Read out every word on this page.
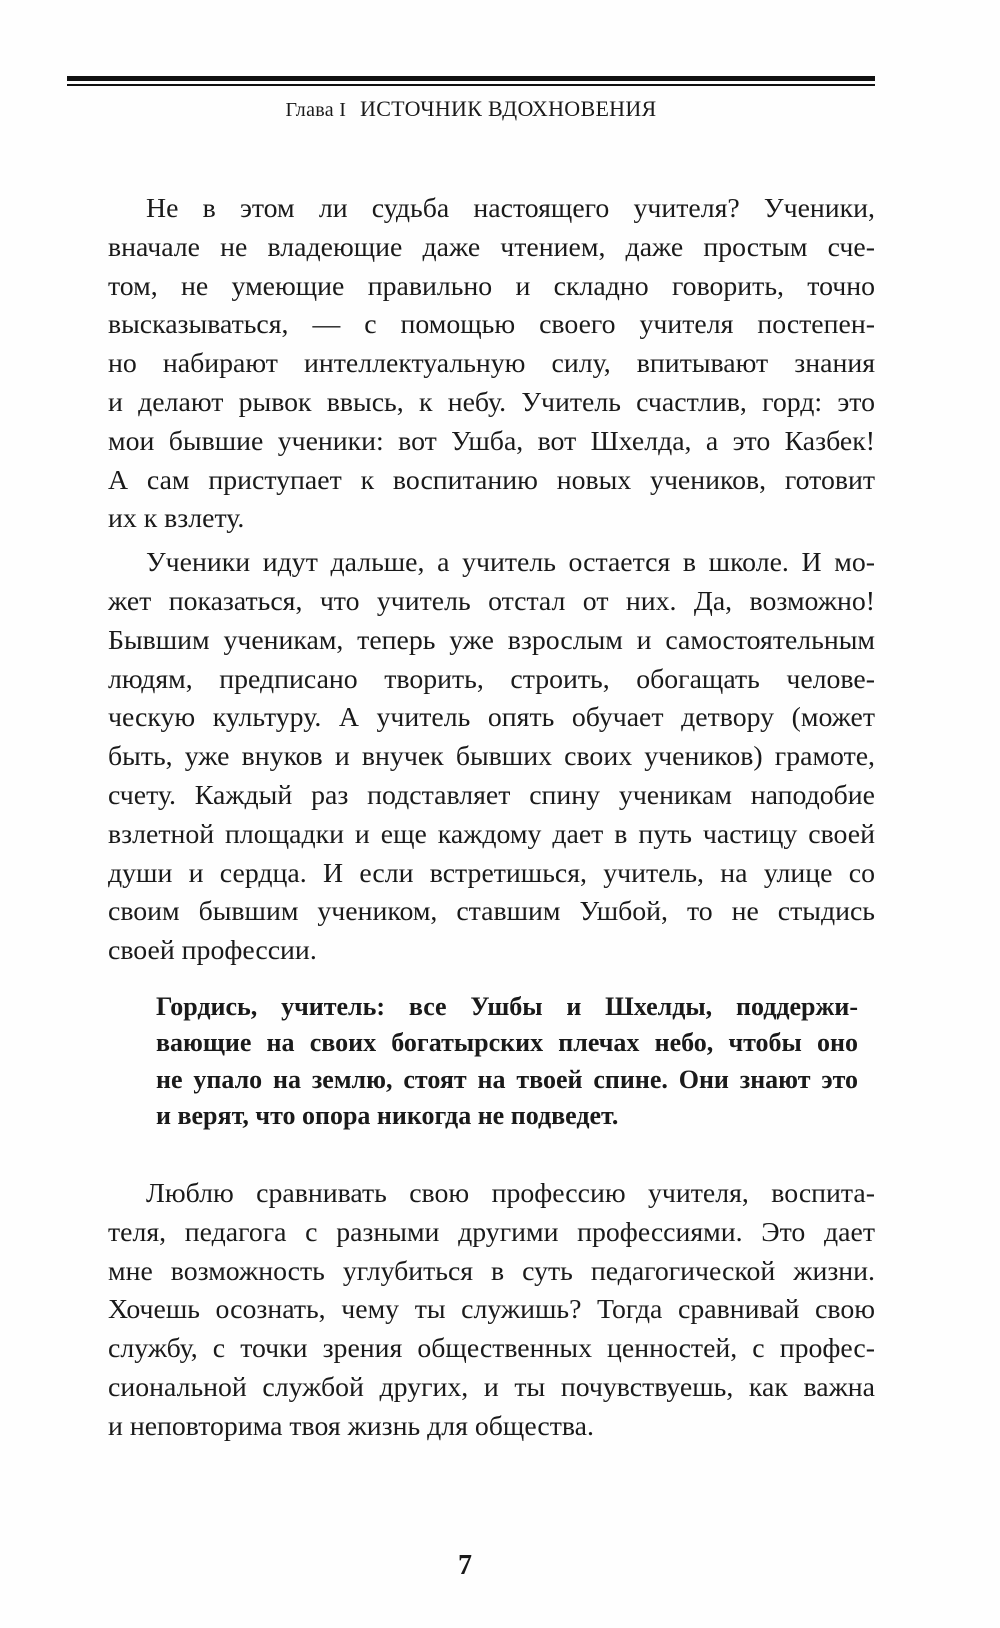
Глава I ИСТОЧНИК ВДОХНОВЕНИЯ

Не в этом ли судьба настоящего учителя? Ученики,
вначале не владеющие даже чтением, даже простым сче-
том, не умеющие правильно и складно говорить, точно
высказываться, — с помощью своего учителя постепен-
но набирают интеллектуальную силу, впитывают знания
и делают рывок ввысь, к небу. Учитель счастлив, горд: это
мои бывшие ученики: вот Ушба, вот Шхелда, а это Казбек!
А сам приступает к воспитанию новых учеников, готовит
их к взлету.

Ученики идут дальше, а учитель остается в школе. И мо-
жет показаться, что учитель отстал от них. Да, возможно!
Бывшим ученикам, теперь уже взрослым и самостоятельным
людям, предписано творить, строить, обогащать челове-
ческую культуру. А учитель опять обучает детвору (может
быть, уже внуков и внучек бывших своих учеников) грамоте,
счету. Каждый раз подставляет спину ученикам наподобие
взлетной площадки и еще каждому дает в путь частицу своей
души и сердца. И если встретишься, учитель, на улице со
своим бывшим учеником, ставшим Ушбой, то не стыдись
своей профессии.

Гордись, учитель: все Ушбы и Шхелды, поддержи-
вающие на своих богатырских плечах небо, чтобы оно
не упало на землю, стоят на твоей спине. Они знают это
и верят, что опора никогда не подведет.

Люблю сравнивать свою профессию учителя, воспита-
теля, педагога с разными другими профессиями. Это дает
мне возможность углубиться в суть педагогической жизни.
Хочешь осознать, чему ты служишь? Тогда сравнивай свою
службу, с точки зрения общественных ценностей, с профес-
сиональной службой других, и ты почувствуешь, как важна
и неповторима твоя жизнь для общества.

7
